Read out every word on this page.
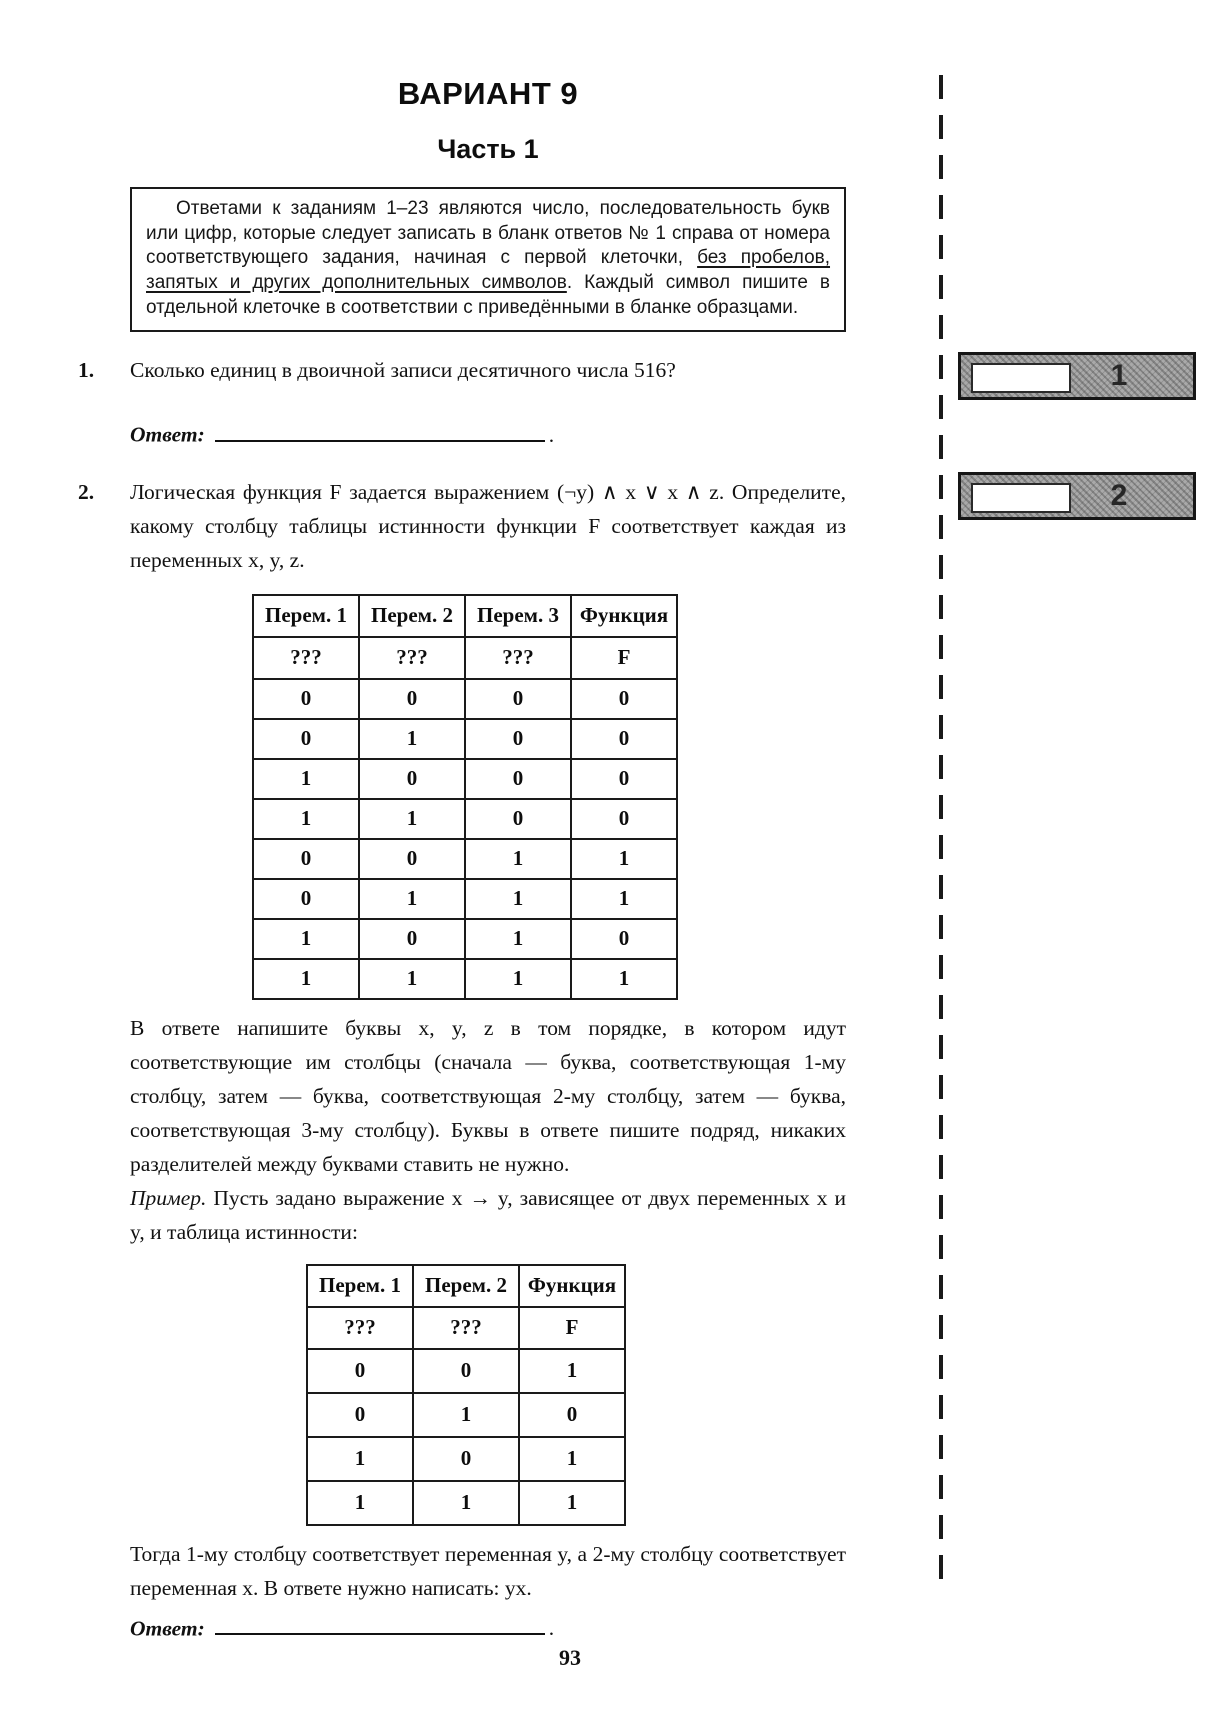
ВАРИАНТ 9
Часть 1
Ответами к заданиям 1–23 являются число, последовательность букв или цифр, которые следует записать в бланк ответов № 1 справа от номера соответствующего задания, начиная с первой клеточки, без пробелов, запятых и других дополнительных символов. Каждый символ пишите в отдельной клеточке в соответствии с приведёнными в бланке образцами.
1. Сколько единиц в двоичной записи десятичного числа 516?
Ответ:	.
2. Логическая функция F задается выражением (¬y) ∧ x ∨ x ∧ z. Определите, какому столбцу таблицы истинности функции F соответствует каждая из переменных x, y, z.
Перем. 1	Перем. 2	Перем. 3	Функция
???	???	???	F
0	0	0	0
0	1	0	0
1	0	0	0
1	1	0	0
0	0	1	1
0	1	1	1
1	0	1	0
1	1	1	1
В ответе напишите буквы x, y, z в том порядке, в котором идут соответствующие им столбцы (сначала — буква, соответствующая 1-му столбцу, затем — буква, соответствующая 2-му столбцу, затем — буква, соответствующая 3-му столбцу). Буквы в ответе пишите подряд, никаких разделителей между буквами ставить не нужно.
Пример. Пусть задано выражение x → y, зависящее от двух переменных x и y, и таблица истинности:
Перем. 1	Перем. 2	Функция
???	???	F
0	0	1
0	1	0
1	0	1
1	1	1
Тогда 1-му столбцу соответствует переменная y, а 2-му столбцу соответствует переменная x. В ответе нужно написать: yx.
Ответ:	.
93
1
2
